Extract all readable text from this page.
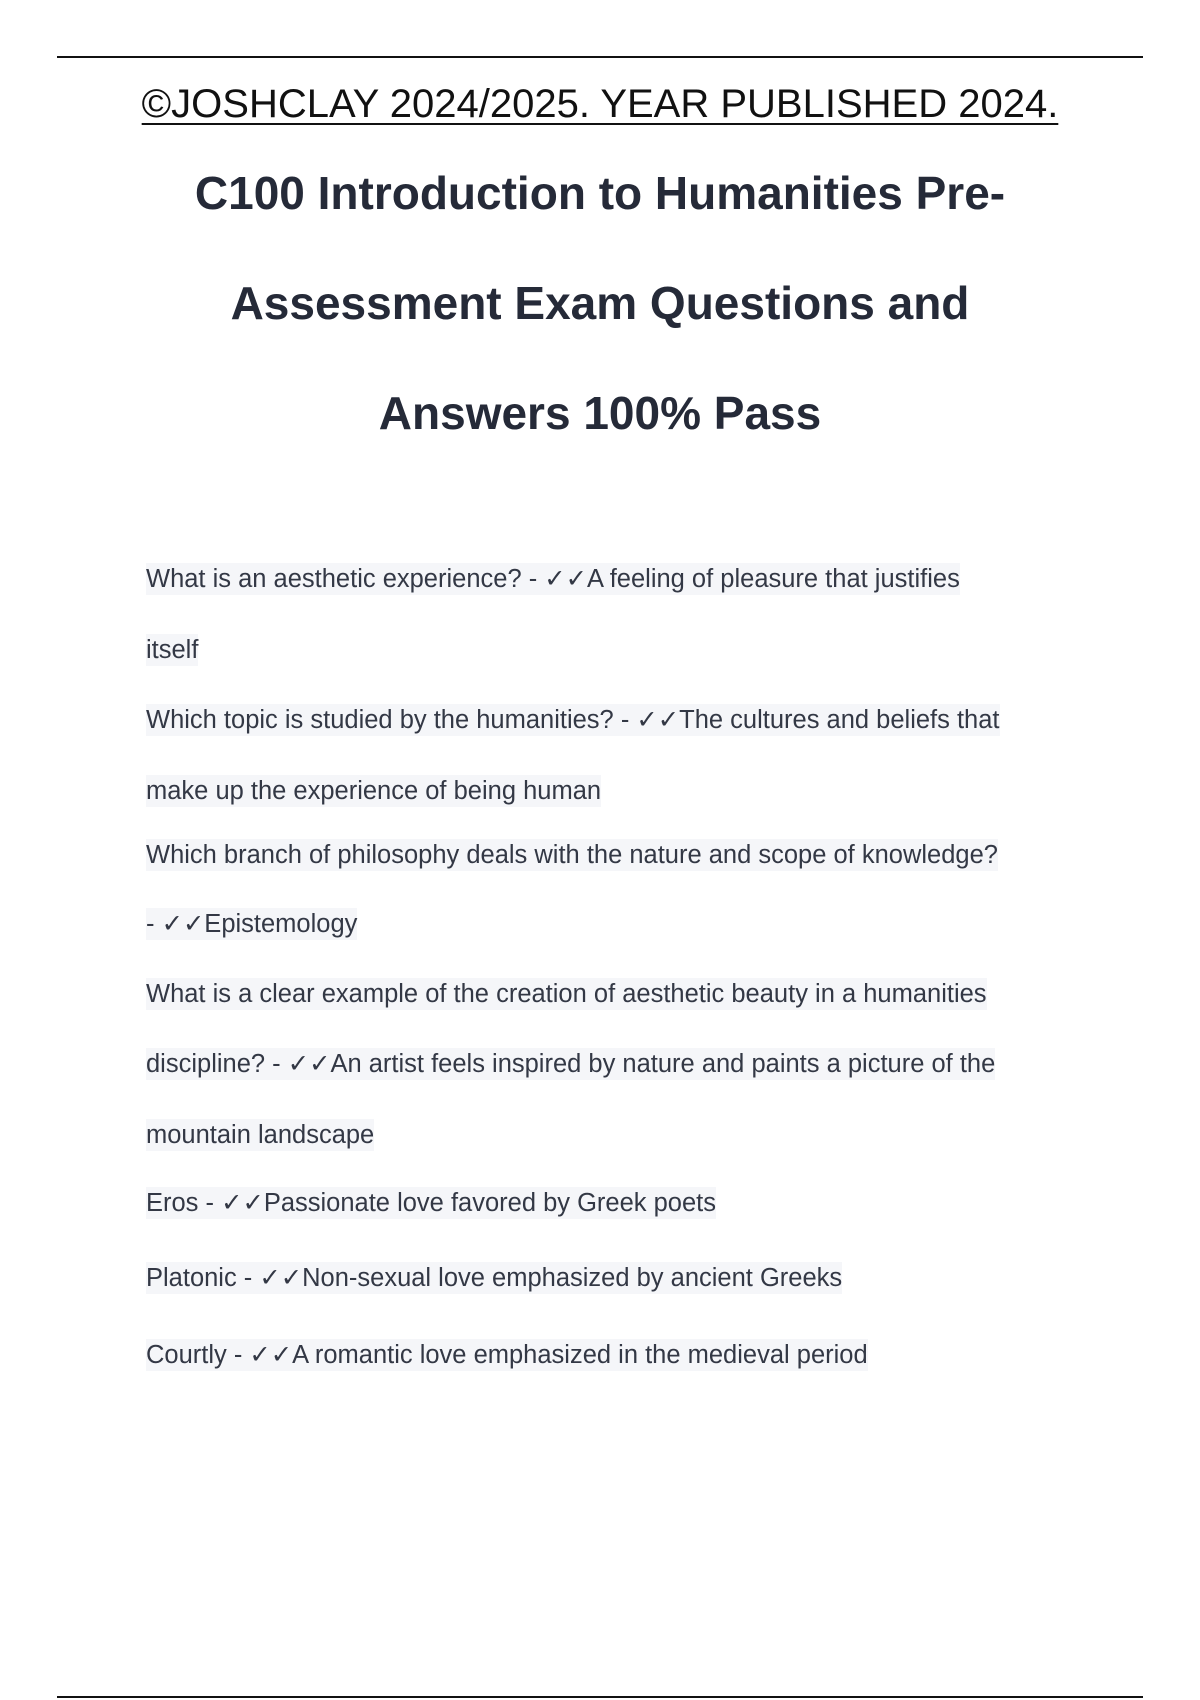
©JOSHCLAY 2024/2025. YEAR PUBLISHED 2024.
C100 Introduction to Humanities Pre-
Assessment Exam Questions and
Answers 100% Pass
What is an aesthetic experience? - ✓✓A feeling of pleasure that justifies
itself
Which topic is studied by the humanities? - ✓✓The cultures and beliefs that
make up the experience of being human
Which branch of philosophy deals with the nature and scope of knowledge?
- ✓✓Epistemology
What is a clear example of the creation of aesthetic beauty in a humanities
discipline? - ✓✓An artist feels inspired by nature and paints a picture of the
mountain landscape
Eros - ✓✓Passionate love favored by Greek poets
Platonic - ✓✓Non-sexual love emphasized by ancient Greeks
Courtly - ✓✓A romantic love emphasized in the medieval period
